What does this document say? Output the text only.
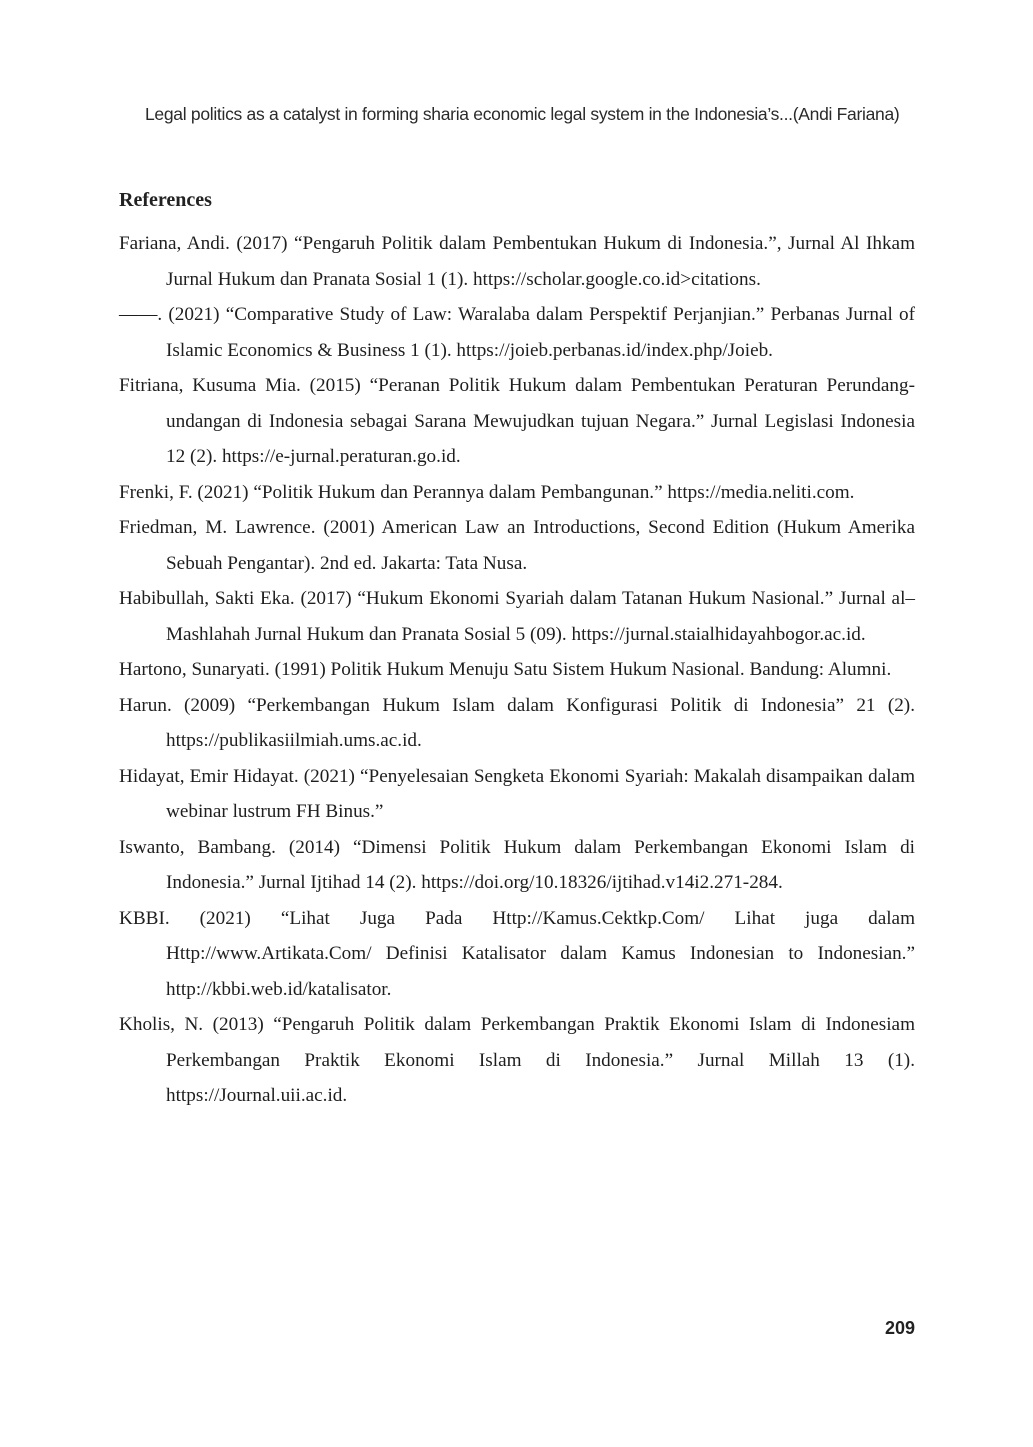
Legal politics as a catalyst in forming sharia economic legal system in the Indonesia’s...(Andi Fariana)
References
Fariana, Andi. (2017) “Pengaruh Politik dalam Pembentukan Hukum di Indonesia.”, Jurnal Al Ihkam Jurnal Hukum dan Pranata Sosial 1 (1). https://scholar.google.co.id>citations.
——. (2021) “Comparative Study of Law: Waralaba dalam Perspektif Perjanjian.” Perbanas Jurnal of Islamic Economics & Business 1 (1). https://joieb.perbanas.id/index.php/Joieb.
Fitriana, Kusuma Mia. (2015) “Peranan Politik Hukum dalam Pembentukan Peraturan Perundang-undangan di Indonesia sebagai Sarana Mewujudkan tujuan Negara.” Jurnal Legislasi Indonesia 12 (2). https://e-jurnal.peraturan.go.id.
Frenki, F. (2021) “Politik Hukum dan Perannya dalam Pembangunan.” https://media.neliti.com.
Friedman, M. Lawrence. (2001) American Law an Introductions, Second Edition (Hukum Amerika Sebuah Pengantar). 2nd ed. Jakarta: Tata Nusa.
Habibullah, Sakti Eka. (2017) “Hukum Ekonomi Syariah dalam Tatanan Hukum Nasional.” Jurnal al–Mashlahah Jurnal Hukum dan Pranata Sosial 5 (09). https://jurnal.staialhidayahbogor.ac.id.
Hartono, Sunaryati. (1991) Politik Hukum Menuju Satu Sistem Hukum Nasional. Bandung: Alumni.
Harun. (2009) “Perkembangan Hukum Islam dalam Konfigurasi Politik di Indonesia” 21 (2). https://publikasiilmiah.ums.ac.id.
Hidayat, Emir Hidayat. (2021) “Penyelesaian Sengketa Ekonomi Syariah: Makalah disampaikan dalam webinar lustrum FH Binus.”
Iswanto, Bambang. (2014) “Dimensi Politik Hukum dalam Perkembangan Ekonomi Islam di Indonesia.” Jurnal Ijtihad 14 (2). https://doi.org/10.18326/ijtihad.v14i2.271-284.
KBBI. (2021) “Lihat Juga Pada Http://Kamus.Cektkp.Com/ Lihat juga dalam Http://www.Artikata.Com/ Definisi Katalisator dalam Kamus Indonesian to Indonesian.” http://kbbi.web.id/katalisator.
Kholis, N. (2013) “Pengaruh Politik dalam Perkembangan Praktik Ekonomi Islam di Indonesiam Perkembangan Praktik Ekonomi Islam di Indonesia.” Jurnal Millah 13 (1). https://Journal.uii.ac.id.
209
